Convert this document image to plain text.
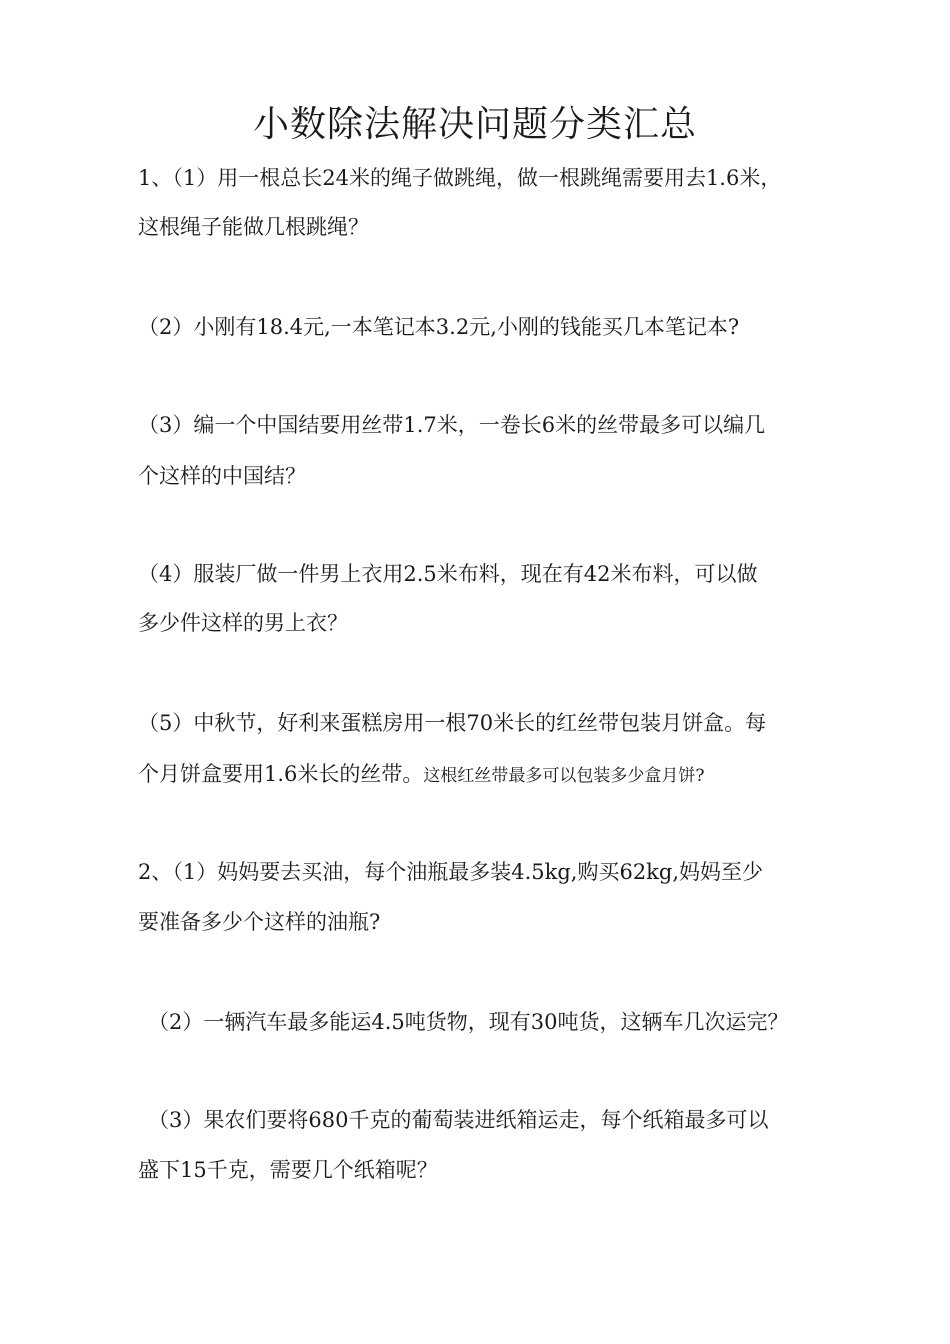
小数除法解决问题分类汇总
1、（1）用一根总长24米的绳子做跳绳，做一根跳绳需要用去1.6米，
这根绳子能做几根跳绳？
（2）小刚有18.4元,一本笔记本3.2元,小刚的钱能买几本笔记本?
（3）编一个中国结要用丝带1.7米，一卷长6米的丝带最多可以编几
个这样的中国结？
（4）服装厂做一件男上衣用2.5米布料，现在有42米布料，可以做
多少件这样的男上衣？
（5）中秋节，好利来蛋糕房用一根70米长的红丝带包装月饼盒。每
个月饼盒要用1.6米长的丝带。这根红丝带最多可以包装多少盒月饼?
2、（1）妈妈要去买油，每个油瓶最多装4.5kg,购买62kg,妈妈至少
要准备多少个这样的油瓶?
（2）一辆汽车最多能运4.5吨货物，现有30吨货，这辆车几次运完？
（3）果农们要将680千克的葡萄装进纸箱运走，每个纸箱最多可以
盛下15千克，需要几个纸箱呢？
